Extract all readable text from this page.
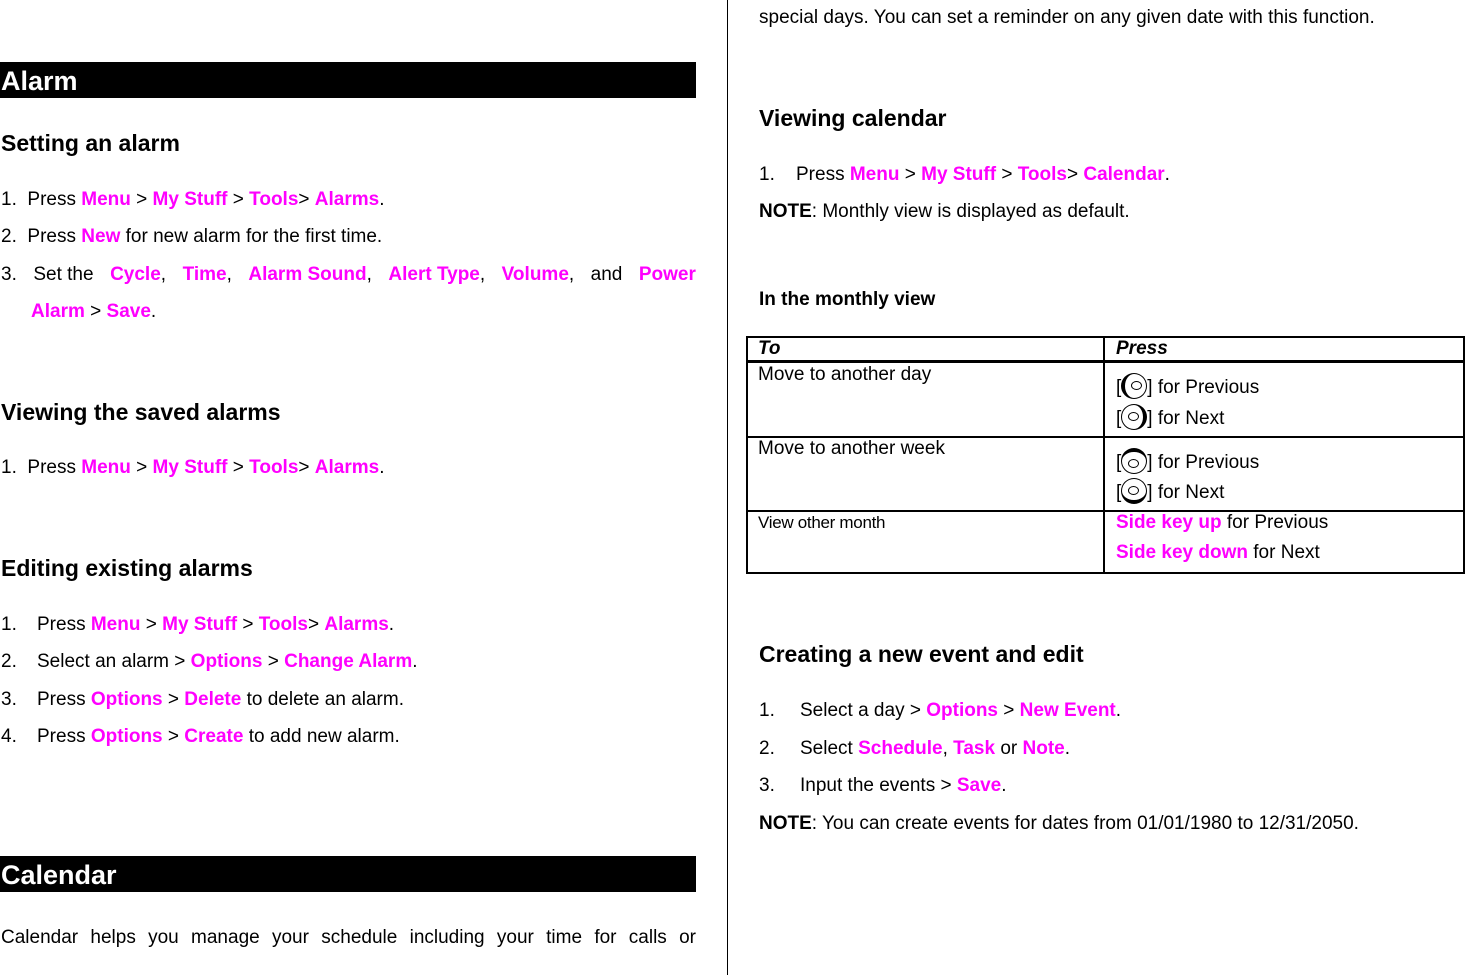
Alarm
Setting an alarm
1. Press Menu > My Stuff > Tools> Alarms.
2. Press New for new alarm for the first time.
3. Set the Cycle, Time, Alarm Sound, Alert Type, Volume, and Power
Alarm > Save.
Viewing the saved alarms
1. Press Menu > My Stuff > Tools> Alarms.
Editing existing alarms
1. Press Menu > My Stuff > Tools> Alarms.
2. Select an alarm > Options > Change Alarm.
3. Press Options > Delete to delete an alarm.
4. Press Options > Create to add new alarm.
Calendar
Calendar helps you manage your schedule including your time for calls or
special days. You can set a reminder on any given date with this function.
Viewing calendar
1. Press Menu > My Stuff > Tools> Calendar.
NOTE: Monthly view is displayed as default.
In the monthly view
To	Press
Move to another day
[ ] for Previous
[ ] for Next
Move to another week
[ ] for Previous
[ ] for Next
View other month	Side key up for Previous
Side key down for Next
Creating a new event and edit
1. Select a day > Options > New Event.
2. Select Schedule, Task or Note.
3. Input the events > Save.
NOTE: You can create events for dates from 01/01/1980 to 12/31/2050.
